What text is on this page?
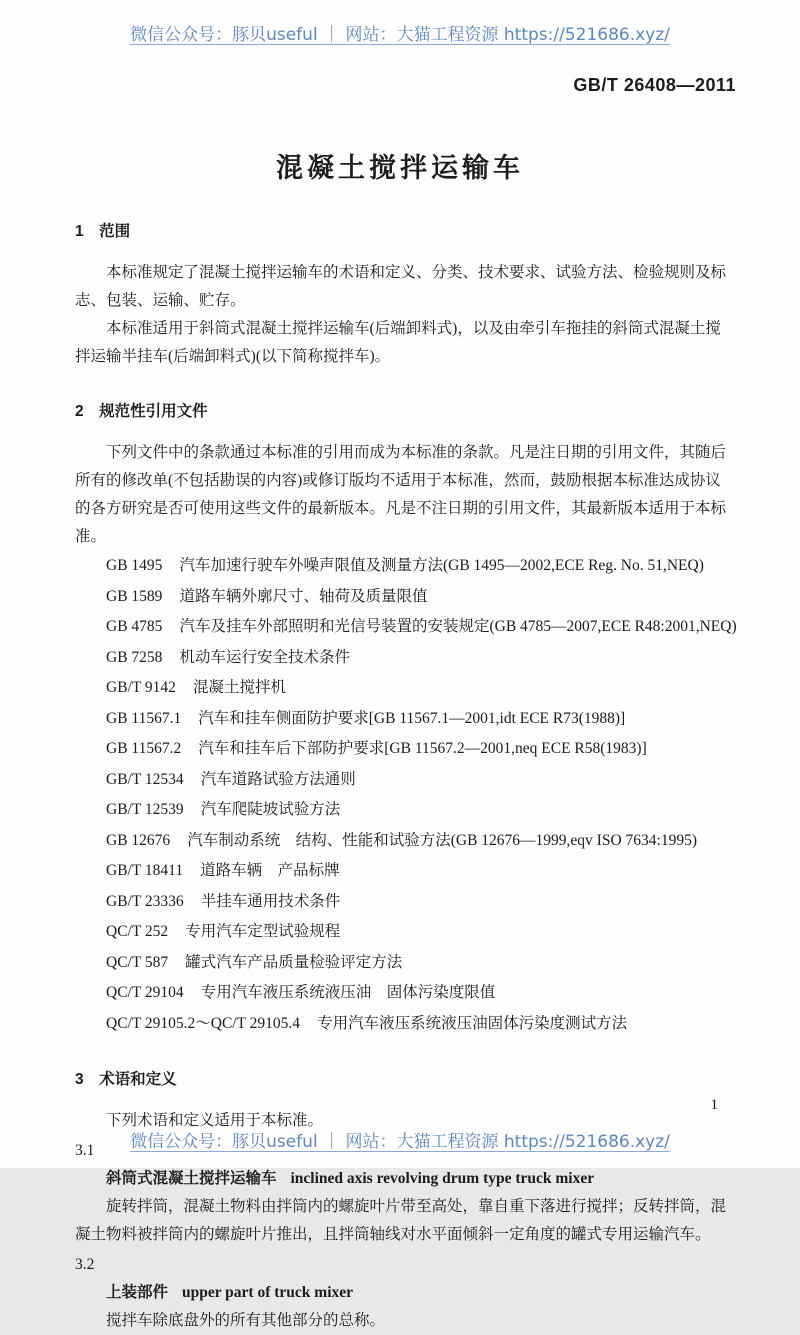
微信公众号：豚贝useful ｜ 网站：大猫工程资源 https://521686.xyz/
GB/T 26408—2011
混凝土搅拌运输车
1　范围

本标准规定了混凝土搅拌运输车的术语和定义、分类、技术要求、试验方法、检验规则及标志、包装、运输、贮存。

本标准适用于斜筒式混凝土搅拌运输车(后端卸料式)，以及由牵引车拖挂的斜筒式混凝土搅拌运输半挂车(后端卸料式)(以下简称搅拌车)。

2　规范性引用文件

下列文件中的条款通过本标准的引用而成为本标准的条款。凡是注日期的引用文件，其随后所有的修改单(不包括勘误的内容)或修订版均不适用于本标准，然而，鼓励根据本标准达成协议的各方研究是否可使用这些文件的最新版本。凡是不注日期的引用文件，其最新版本适用于本标准。

GB 1495 汽车加速行驶车外噪声限值及测量方法(GB 1495—2002,ECE Reg. No. 51,NEQ)
GB 1589 道路车辆外廓尺寸、轴荷及质量限值
GB 4785 汽车及挂车外部照明和光信号装置的安装规定(GB 4785—2007,ECE R48:2001,NEQ)
GB 7258 机动车运行安全技术条件
GB/T 9142 混凝土搅拌机
GB 11567.1 汽车和挂车侧面防护要求[GB 11567.1—2001,idt ECE R73(1988)]
GB 11567.2 汽车和挂车后下部防护要求[GB 11567.2—2001,neq ECE R58(1983)]
GB/T 12534 汽车道路试验方法通则
GB/T 12539 汽车爬陡坡试验方法
GB 12676 汽车制动系统　结构、性能和试验方法(GB 12676—1999,eqv ISO 7634:1995)
GB/T 18411 道路车辆　产品标牌
GB/T 23336 半挂车通用技术条件
QC/T 252 专用汽车定型试验规程
QC/T 587 罐式汽车产品质量检验评定方法
QC/T 29104 专用汽车液压系统液压油　固体污染度限值
QC/T 29105.2～QC/T 29105.4 专用汽车液压系统液压油固体污染度测试方法
3　术语和定义

下列术语和定义适用于本标准。

3.1
斜筒式混凝土搅拌运输车 inclined axis revolving drum type truck mixer

旋转拌筒，混凝土物料由拌筒内的螺旋叶片带至高处，靠自重下落进行搅拌；反转拌筒，混凝土物料被拌筒内的螺旋叶片推出，且拌筒轴线对水平面倾斜一定角度的罐式专用运输汽车。

3.2
上装部件 upper part of truck mixer

搅拌车除底盘外的所有其他部分的总称。

1
微信公众号：豚贝useful ｜ 网站：大猫工程资源 https://521686.xyz/
